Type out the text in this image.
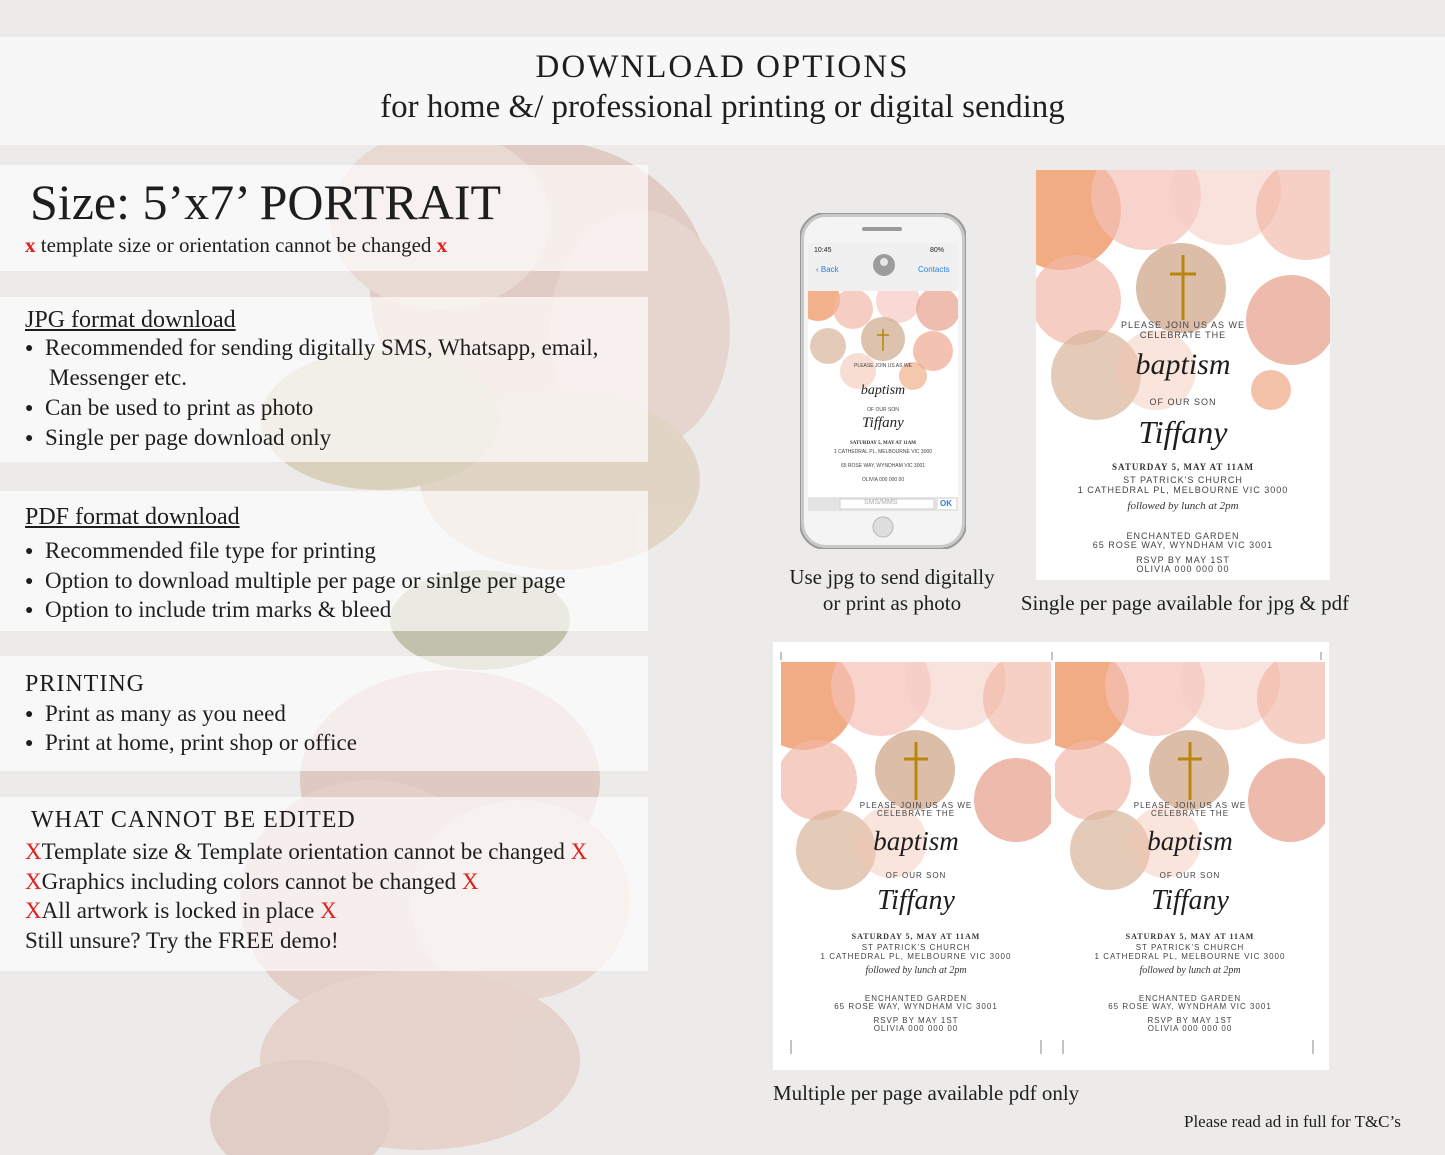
DOWNLOAD OPTIONS
for home &/ professional printing or digital sending
Size: 5’x7’ PORTRAIT
x template size or orientation cannot be changed x
JPG format download
● Recommended for sending digitally SMS, Whatsapp, email,
Messenger etc.
● Can be used to print as photo
● Single per page download only
PDF format download
● Recommended file type for printing
● Option to download multiple per page or sinlge per page
● Option to include trim marks & bleed
PRINTING
● Print as many as you need
● Print at home, print shop or office
WHAT CANNOT BE EDITED
XTemplate size & Template orientation cannot be changed X
XGraphics including colors cannot be changed X
XAll artwork is locked in place X
Still unsure? Try the FREE demo!
10:45	80%
‹ Back	Contacts
SMS/MMS	OK
PLEASE JOIN US AS WE
baptism
OF OUR SON
Tiffany
SATURDAY 5, MAY AT 11AM
1 CATHEDRAL PL, MELBOURNE VIC 3000
65 ROSE WAY, WYNDHAM VIC 3001
OLIVIA 000 000 00
Use jpg to send digitally
or print as photo
PLEASE JOIN US AS WE
CELEBRATE THE
baptism
OF OUR SON
Tiffany
SATURDAY 5, MAY AT 11AM
ST PATRICK'S CHURCH
1 CATHEDRAL PL, MELBOURNE VIC 3000
followed by lunch at 2pm
ENCHANTED GARDEN
65 ROSE WAY, WYNDHAM VIC 3001
RSVP BY MAY 1ST
OLIVIA 000 000 00
Single per page available for jpg & pdf
PLEASE JOIN US AS WE
CELEBRATE THE
baptism
OF OUR SON
Tiffany
SATURDAY 5, MAY AT 11AM
ST PATRICK'S CHURCH
1 CATHEDRAL PL, MELBOURNE VIC 3000
followed by lunch at 2pm
ENCHANTED GARDEN
65 ROSE WAY, WYNDHAM VIC 3001
RSVP BY MAY 1ST
OLIVIA 000 000 00
PLEASE JOIN US AS WE
CELEBRATE THE
baptism
OF OUR SON
Tiffany
SATURDAY 5, MAY AT 11AM
ST PATRICK'S CHURCH
1 CATHEDRAL PL, MELBOURNE VIC 3000
followed by lunch at 2pm
ENCHANTED GARDEN
65 ROSE WAY, WYNDHAM VIC 3001
RSVP BY MAY 1ST
OLIVIA 000 000 00
Multiple per page available pdf only
Please read ad in full for T&C’s
